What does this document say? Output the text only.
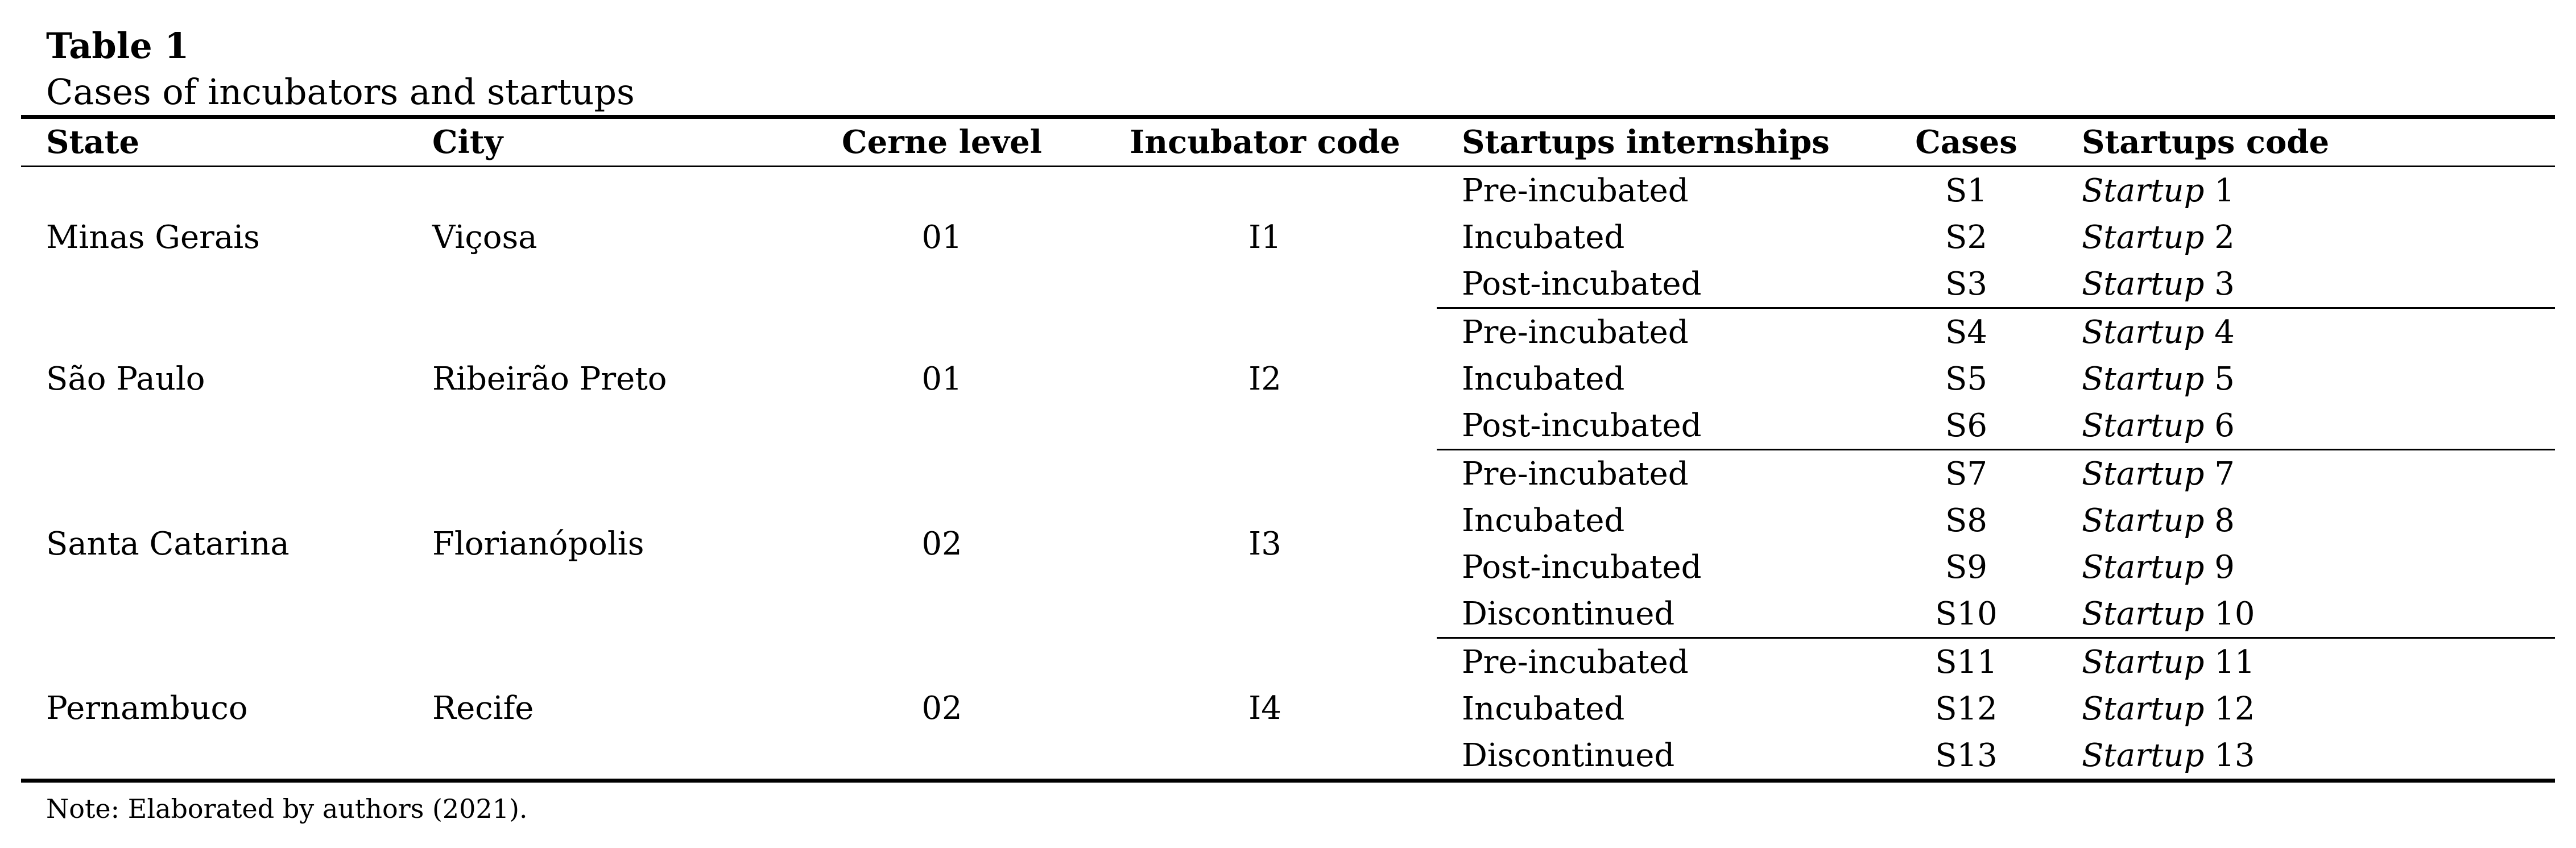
Table 1
Cases of incubators and startups
State	City	Cerne level	Incubator code	Startups internships	Cases	Startups code
Minas Gerais	Viçosa	01	I1	Pre-incubated	S1	Startup 1
				Incubated	S2	Startup 2
				Post-incubated	S3	Startup 3
São Paulo	Ribeirão Preto	01	I2	Pre-incubated	S4	Startup 4
				Incubated	S5	Startup 5
				Post-incubated	S6	Startup 6
Santa Catarina	Florianópolis	02	I3	Pre-incubated	S7	Startup 7
				Incubated	S8	Startup 8
				Post-incubated	S9	Startup 9
				Discontinued	S10	Startup 10
Pernambuco	Recife	02	I4	Pre-incubated	S11	Startup 11
				Incubated	S12	Startup 12
				Discontinued	S13	Startup 13
Note: Elaborated by authors (2021).
